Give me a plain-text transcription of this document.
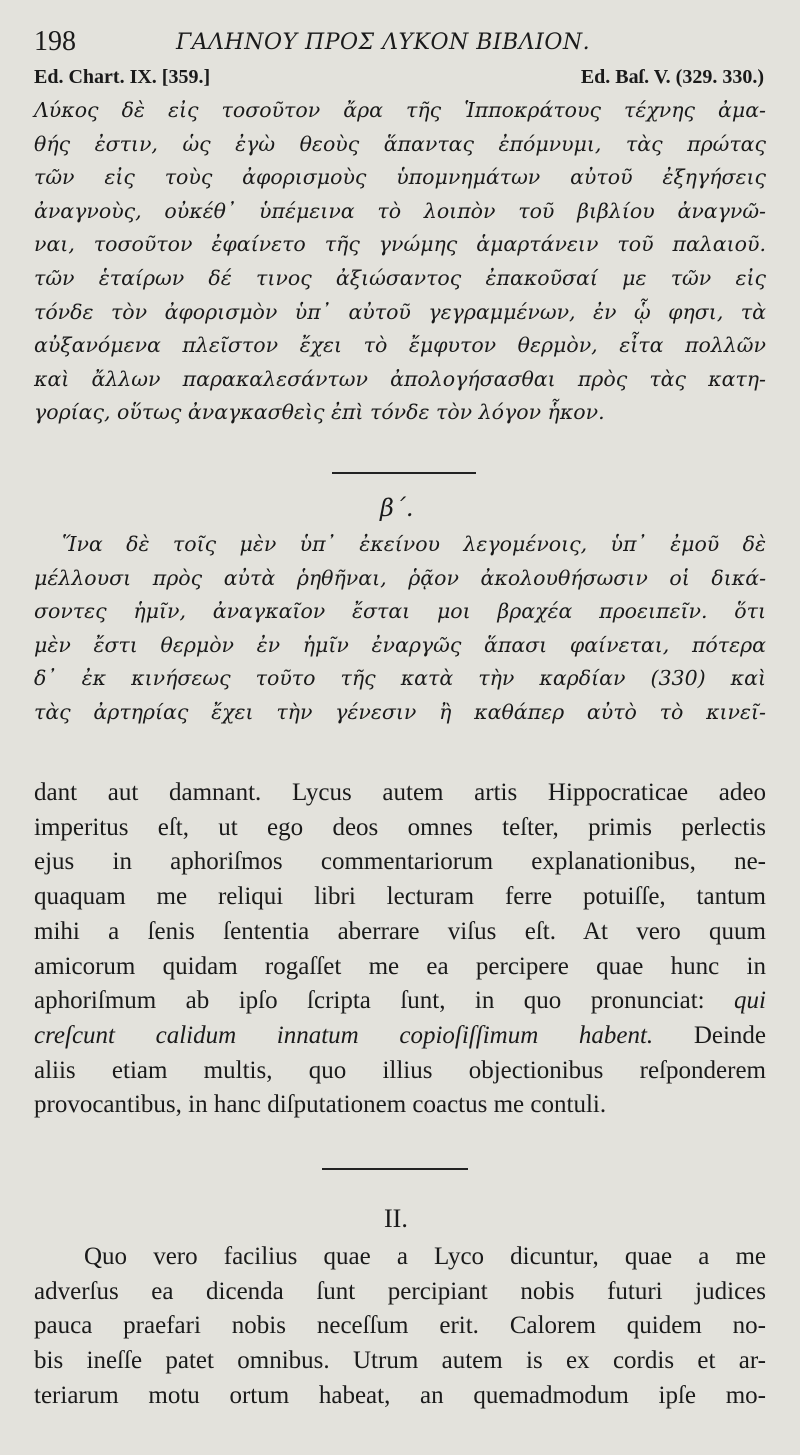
198	ΓΑΛΗΝΟΥ ΠΡΟΣ ΛΥΚΟΝ ΒΙΒΛΙΟΝ.
Ed. Chart. IX. [359.]	Ed. Baſ. V. (329. 330.)
Λύκος δὲ εἰς τοσοῦτον ἄρα τῆς Ἱπποκράτους τέχνης ἀμα-
θής ἐστιν, ὡς ἐγὼ θεοὺς ἅπαντας ἐπόμνυμι, τὰς πρώτας
τῶν εἰς τοὺς ἀφορισμοὺς ὑπομνημάτων αὐτοῦ ἐξηγήσεις
ἀναγνοὺς, οὐκέθ᾽ ὑπέμεινα τὸ λοιπὸν τοῦ βιβλίου ἀναγνῶ-
ναι, τοσοῦτον ἐφαίνετο τῆς γνώμης ἁμαρτάνειν τοῦ παλαιοῦ.
τῶν ἑταίρων δέ τινος ἀξιώσαντος ἐπακοῦσαί με τῶν εἰς
τόνδε τὸν ἀφορισμὸν ὑπ᾽ αὐτοῦ γεγραμμένων, ἐν ᾧ φησι, τὰ
αὐξανόμενα πλεῖστον ἔχει τὸ ἔμφυτον θερμὸν, εἶτα πολλῶν
καὶ ἄλλων παρακαλεσάντων ἀπολογήσασθαι πρὸς τὰς κατη-
γορίας, οὕτως ἀναγκασθεὶς ἐπὶ τόνδε τὸν λόγον ἧκον.
β΄.
Ἵνα δὲ τοῖς μὲν ὑπ᾽ ἐκείνου λεγομένοις, ὑπ᾽ ἐμοῦ δὲ
μέλλουσι πρὸς αὐτὰ ῥηθῆναι, ῥᾷον ἀκολουθήσωσιν οἱ δικά-
σοντες ἡμῖν, ἀναγκαῖον ἔσται μοι βραχέα προειπεῖν. ὅτι
μὲν ἔστι θερμὸν ἐν ἡμῖν ἐναργῶς ἅπασι φαίνεται, πότερα
δ᾽ ἐκ κινήσεως τοῦτο τῆς κατὰ τὴν καρδίαν (330) καὶ
τὰς ἀρτηρίας ἔχει τὴν γένεσιν ἢ καθάπερ αὐτὸ τὸ κινεῖ-
dant aut damnant. Lycus autem artis Hippocraticae adeo
imperitus eſt, ut ego deos omnes teſter, primis perlectis
ejus in aphoriſmos commentariorum explanationibus, ne-
quaquam me reliqui libri lecturam ferre potuiſſe, tantum
mihi a ſenis ſententia aberrare viſus eſt. At vero quum
amicorum quidam rogaſſet me ea percipere quae hunc in
aphoriſmum ab ipſo ſcripta ſunt, in quo pronunciat: qui
creſcunt calidum innatum copioſiſſimum habent. Deinde
aliis etiam multis, quo illius objectionibus reſponderem
provocantibus, in hanc diſputationem coactus me contuli.
II.
Quo vero facilius quae a Lyco dicuntur, quae a me
adverſus ea dicenda ſunt percipiant nobis futuri judices
pauca praefari nobis neceſſum erit. Calorem quidem no-
bis ineſſe patet omnibus. Utrum autem is ex cordis et ar-
teriarum motu ortum habeat, an quemadmodum ipſe mo-
